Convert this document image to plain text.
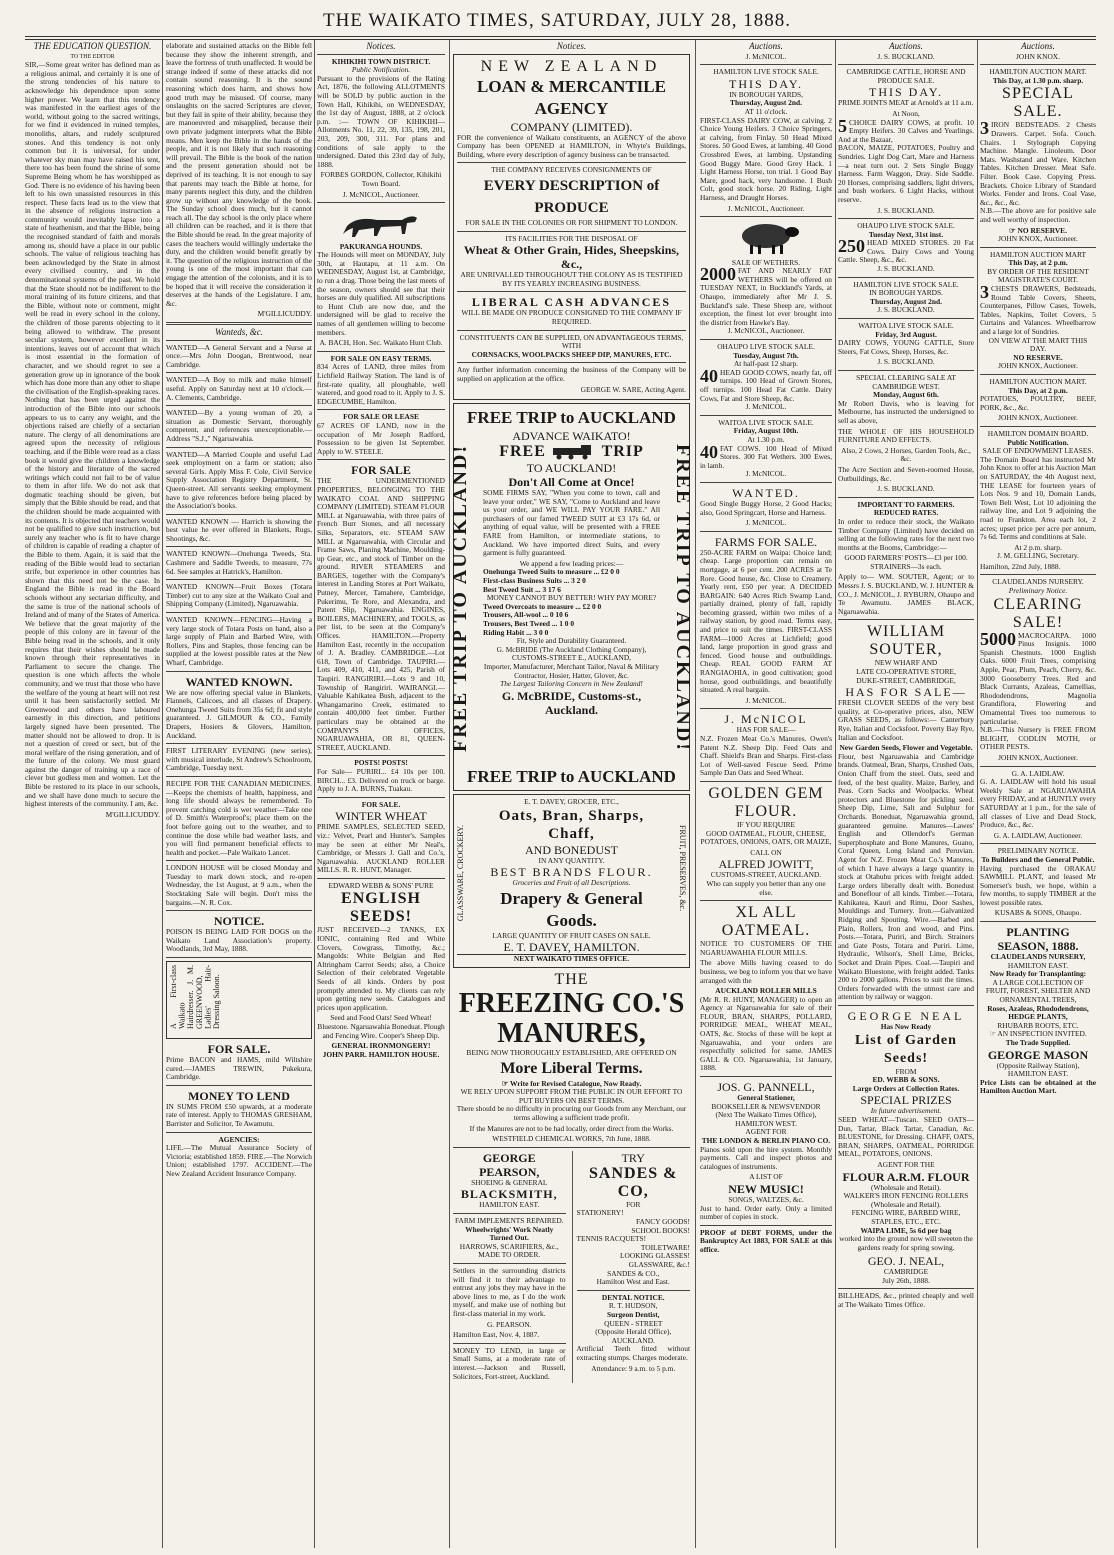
THE WAIKATO TIMES, SATURDAY, JULY 28, 1888.
THE EDUCATION QUESTION.
TO THE EDITOR

SIR,—Some great writer has defined man as a religious animal, and certainly it is one of the strong tendencies of his nature to acknowledge his dependence upon some higher power. We learn that this tendency was manifested in the earliest ages of the world, without going to the sacred writings, for we find it evidenced in ruined temples, monoliths, altars, and rudely sculptured stones. And this tendency is not only common but it is universal, for under whatever sky man may have raised his tent, there too has been found the shrine of some Supreme Being whom he has worshipped as God. There is no evidence of his having been left to his own unassisted resources in this respect. These facts lead us to the view that in the absence of religious instruction a community would inevitably lapse into a state of heathenism, and that the Bible, being the recognised standard of faith and morals among us, should have a place in our public schools. The value of religious teaching has been acknowledged by the State in almost every civilised country, and in the denominational systems of the past. We hold that the State should not be indifferent to the moral training of its future citizens, and that the Bible, without note or comment, might well be read in every school in the colony, the children of those parents objecting to it being allowed to withdraw. The present secular system, however excellent in its intentions, leaves out of account that which is most essential in the formation of character, and we should regret to see a generation grow up in ignorance of the book which has done more than any other to shape the civilisation of the English-speaking races. Nothing that has been urged against the introduction of the Bible into our schools appears to us to carry any weight, and the objections raised are chiefly of a sectarian nature. The clergy of all denominations are agreed upon the necessity of religious teaching, and if the Bible were read as a class book it would give the children a knowledge of the history and literature of the sacred writings which could not fail to be of value to them in after life. We do not ask that dogmatic teaching should be given, but simply that the Bible should be read, and that the children should be made acquainted with its contents. It is objected that teachers would not be qualified to give such instruction, but surely any teacher who is fit to have charge of children is capable of reading a chapter of the Bible to them. Again, it is said that the reading of the Bible would lead to sectarian strife, but experience in other countries has shown that this need not be the case. In England the Bible is read in the Board schools without any sectarian difficulty, and the same is true of the national schools of Ireland and of many of the States of America. We believe that the great majority of the people of this colony are in favour of the Bible being read in the schools, and it only requires that their wishes should be made known through their representatives in Parliament to secure the change. The question is one which affects the whole community, and we trust that those who have the welfare of the young at heart will not rest until it has been satisfactorily settled. Mr Greenwood and others have laboured earnestly in this direction, and petitions largely signed have been presented. The matter should not be allowed to drop. It is not a question of creed or sect, but of the moral welfare of the rising generation, and of the future of the colony. We must guard against the danger of training up a race of clever but godless men and women. Let the Bible be restored to its place in our schools, and we shall have done much to secure the highest interests of the community. I am, &c.

M'GILLICUDDY.

elaborate and sustained attacks on the Bible fell because they show the inherent strength, and leave the fortress of truth unaffected. It would be strange indeed if some of these attacks did not contain sound reasoning. It is the sound reasoning which does harm, and shows how good truth may be misused. Of course, many onslaughts on the sacred Scriptures are clever, but they fail in spite of their ability, because they are manoeuvred and misapplied, because their own private judgment interprets what the Bible means. Men keep the Bible in the hands of the people, and it is not likely that such reasoning will prevail. The Bible is the book of the nation and the present generation should not be deprived of its teaching. It is not enough to say that parents may teach the Bible at home, for many parents neglect this duty, and the children grow up without any knowledge of the book. The Sunday school does much, but it cannot reach all. The day school is the only place where all children can be reached, and it is there that the Bible should be read. In the great majority of cases the teachers would willingly undertake the duty, and the children would benefit greatly by it. The question of the religious instruction of the young is one of the most important that can engage the attention of the colonists, and it is to be hoped that it will receive the consideration it deserves at the hands of the Legislature. I am, &c.

M'GILLICUDDY.

Wanteds, &c.

WANTED—A General Servant and a Nurse at once.—Mrs John Doogan, Brentwood, near Cambridge.

WANTED—A Boy to milk and make himself useful. Apply on Saturday next at 10 o'clock.—A. Clements, Cambridge.

WANTED—By a young woman of 20, a situation as Domestic Servant, thoroughly competent, and references unexceptionable.—Address "S.J.," Ngaruawahia.

WANTED—A Married Couple and useful Lad seek employment on a farm or station; also several Girls. Apply Miss F. Cole, Civil Service Supply Association Registry Department, St. Queen-street. All servants seeking employment have to give references before being placed by the Association's books.

WANTED KNOWN — Harrich is showing the best value he ever offered in Blankets, Rugs, Shootings, &c.

WANTED KNOWN—Onehunga Tweeds, Sta. Cashmere and Saddle Tweeds, to measure, 77s 6d. See samples at Hatrick's, Hamilton.

WANTED KNOWN—Fruit Boxes (Totara Timber) cut to any size at the Waikato Coal and Shipping Company (Limited), Ngaruawahia.

WANTED KNOWN—FENCING—Having a very large stock of Totara Posts on hand, also a large supply of Plain and Barbed Wire, with Rollers, Pins and Staples, those fencing can be supplied at the lowest possible rates at the New Wharf, Cambridge.

WANTED KNOWN.

We are now offering special value in Blankets, Flannels, Calicoes, and all classes of Drapery. Onehunga Tweed Suits from 35s 6d; fit and style guaranteed. J. GILMOUR & CO., Family Drapers, Hosiers & Glovers, Hamilton, Auckland.

FIRST LITERARY EVENING (new series), with musical interlude, St Andrew's Schoolroom, Cambridge, Tuesday next.

RECIPE FOR THE CANADIAN MEDICINES.—Keeps the chemists of health, happiness, and long life should always be remembered. To prevent catching cold is wet weather—Take one of D. Smith's Waterproof's; place them on the foot before going out to the weather, and to continue the dose while bad weather lasts, and you will find permanent beneficial effects to health and pocket.—Pale Waikato Lancet.

LONDON HOUSE will be closed Monday and Tuesday to mark down stock, and re-open Wednesday, the 1st August, at 9 a.m., when the Stocktaking Sale will begin. Don't miss the bargains.—N. R. Cox.

NOTICE.

POISON IS BEING LAID FOR DOGS on the Waikato Land Association's property. Woodlands, 3rd May, 1888.

A First-class Waikato Hairdresser. J. M. GREENWOOD, Ladies' Hair-Dressing Saloon.
FOR SALE.

Prime BACON and HAMS, mild Wiltshire cured.—JAMES TREWIN, Pukekura, Cambridge.

MONEY TO LEND

IN SUMS FROM £50 upwards, at a moderate rate of interest. Apply to THOMAS GRESHAM, Barrister and Solicitor, Te Awamutu.

AGENCIES:

LIFE.—The Mutual Assurance Society of Victoria; established 1859. FIRE.—The Norwich Union; established 1797. ACCIDENT.—The New Zealand Accident Insurance Company.

Notices.
KIHIKIHI TOWN DISTRICT.
Public Notification.

Pursuant to the provisions of the Rating Act, 1876, the following ALLOTMENTS will be SOLD by public auction in the Town Hall, Kihikihi, on WEDNESDAY, the 1st day of August, 1888, at 2 o'clock p.m. :— TOWN OF KIHIKIHI—Allotments No. 11, 22, 39, 135, 198, 201, 203, 209, 300, 311. For plans and conditions of sale apply to the undersigned. Dated this 23rd day of July, 1888.

FORBES GORDON, Collector, Kihikihi Town Board.

J. McNICOL, Auctioneer.

PAKURANGA HOUNDS.

The Hounds will meet on MONDAY, July 30th, at Hautapu, at 11 a.m. On WEDNESDAY, August 1st, at Cambridge, to run a drag. Those being the last meets of the season, owners should see that their horses are duly qualified. All subscriptions to Hunt Club are now due, and the undersigned will be glad to receive the names of all gentlemen willing to become members.

A. BACH, Hon. Sec. Waikato Hunt Club.

FOR SALE ON EASY TERMS.

834 Acres of LAND, three miles from Lichfield Railway Station. The land is of first-rate quality, all ploughable, well watered, and good road to it. Apply to J. S. EDGECUMBE, Hamilton.

FOR SALE OR LEASE

67 ACRES OF LAND, now in the occupation of Mr Joseph Radford, Possession to be given 1st September. Apply to W. STEELE.

FOR SALE

THE UNDERMENTIONED PROPERTIES, BELONGING TO THE WAIKATO COAL AND SHIPPING COMPANY (LIMITED). STEAM FLOUR MILL at Ngaruawahia, with three pairs of French Burr Stones, and all necessary Silks, Separators, etc. STEAM SAW MILL at Ngaruawahia, with Circular and Frame Saws, Planing Machine, Moulding-up Gear, etc., and stock of Timber on the ground. RIVER STEAMERS and BARGES, together with the Company's interest in Landing Stores at Port Waikato, Putney, Mercer, Tamahere, Cambridge, Pukerimu, Te Rore, and Alexandra, and Patent Slip, Ngaruawahia. ENGINES, BOILERS, MACHINERY, and TOOLS, as per list, to be seen at the Company's Offices. HAMILTON.—Property Hamilton East, recently in the occupation of J. A. Bradley. CAMBRIDGE.—Lot 618, Town of Cambridge. TAUPIRI.—Lots 409, 410, 411, and 425, Parish of Taupiri. RANGIRIRI.—Lots 9 and 10, Township of Rangiriri. WAIRANGI.—Valuable Kahikatea Bush, adjacent to the Whangamarino Creek, estimated to contain 400,000 feet timber. Further particulars may be obtained at the COMPANY'S OFFICES, NGARUAWAHIA, OR 81, QUEEN-STREET, AUCKLAND.

POSTS! POSTS!

For Sale— PURIRI... £4 10s per 100. BIRCH... £3. Delivered on truck or barge. Apply to J. A. BURNS, Tuakau.

FOR SALE.
WINTER WHEAT

PRIME SAMPLES, SELECTED SEED, viz.: Velvet, Pearl and Hunter's. Samples may be seen at either Mr Neal's, Cambridge, or Messrs J. Gall and Co.'s, Ngaruawahia. AUCKLAND ROLLER MILLS. R. R. HUNT, Manager.

EDWARD WEBB & SONS' PURE
ENGLISH SEEDS!

JUST RECEIVED—2 TANKS, EX IONIC, containing Red and White Clovers, Cowgrass, Timothy, &c.; Mangolds: White Belgian and Red Altringham Carrot Seeds; also, a Choice Selection of their celebrated Vegetable Seeds of all kinds. Orders by post promptly attended to. My clients can rely upon getting new seeds. Catalogues and prices upon application.

Seed and Food Oats! Seed Wheat! Bluestone. Ngaruawahia Boneduat. Plough and Fencing Wire. Cooper's Sheep Dip.

GENERAL IRONMONGERY!
JOHN PARR. HAMILTON HOUSE.
Notices.
NEW ZEALAND
LOAN & MERCANTILE AGENCY
COMPANY (LIMITED).

FOR the convenience of Waikato constituents, an AGENCY of the above Company has been OPENED at HAMILTON, in Whyte's Buildings, Building, where every description of agency business can be transacted.

THE COMPANY RECEIVES CONSIGNMENTS OF
EVERY DESCRIPTION of PRODUCE
FOR SALE IN THE COLONIES OR FOR SHIPMENT TO LONDON.
ITS FACILITIES FOR THE DISPOSAL OF
Wheat & Other Grain, Hides, Sheepskins, &c.,
ARE UNRIVALLED THROUGHOUT THE COLONY AS IS TESTIFIED BY ITS YEARLY INCREASING BUSINESS.
LIBERAL CASH ADVANCES
WILL BE MADE ON PRODUCE CONSIGNED TO THE COMPANY IF REQUIRED.
CONSTITUENTS CAN BE SUPPLIED, ON ADVANTAGEOUS TERMS, WITH
CORNSACKS, WOOLPACKS SHEEP DIP, MANURES, ETC.

Any further information concerning the business of the Company will be supplied on application at the office.

GEORGE W. SARE, Acting Agent.

FREE TRIP to AUCKLAND
FREE TRIP TO AUCKLAND!	FREE TRIP TO AUCKLAND!
ADVANCE WAIKATO!
FREE	TRIP
TO AUCKLAND!
Don't All Come at Once!

SOME FIRMS SAY, "When you come to town, call and leave your order," WE SAY, "Come to Auckland and leave us your order, and WE WILL PAY YOUR FARE." All purchasers of our famed TWEED SUIT at £3 17s 6d, or anything of equal value, will be presented with a FREE FARE from Hamilton, or intermediate stations, to Auckland. We have imported direct Suits, and every garment is fully guaranteed.

We append a few leading prices:—
Onehunga Tweed Suits to measure ... £2 0 0
First-class Business Suits ... 3 2 0
Best Tweed Suit ... 3 17 6
MONEY CANNOT BUY BETTER! WHY PAY MORE?
Tweed Overcoats to measure ... £2 0 0
Trousers, All-wool ... 0 10 6
Trousers, Best Tweed ... 1 0 0
Riding Habit ... 3 0 0
Fit, Style and Durability Guaranteed.
G. McBRIDE (The Auckland Clothing Company), CUSTOMS-STREET E., AUCKLAND,
Importer, Manufacturer, Merchant Tailor, Naval & Military Contractor, Hosier, Hatter, Glover, &c.
The Largest Tailoring Concern in New Zealand!
G. McBRIDE, Customs-st., Auckland.
FREE TRIP to AUCKLAND
E. T. DAVEY, GROCER, ETC.,
GLASSWARE, CROCKERY.	FRUIT, PRESERVES, &c.
Oats, Bran, Sharps, Chaff,
AND BONEDUST
IN ANY QUANTITY.
BEST BRANDS FLOUR.
Groceries and Fruit of all Descriptions.
Drapery & General Goods.
LARGE QUANTITY OF FRUIT CASES ON SALE.
E. T. DAVEY, HAMILTON.
NEXT WAIKATO TIMES OFFICE.
THE
FREEZING CO.'S MANURES,
BEING NOW THOROUGHLY ESTABLISHED, ARE OFFERED ON
More Liberal Terms.
☞ Write for Revised Catalogue, Now Ready.
WE RELY UPON SUPPORT FROM THE PUBLIC IN OUR EFFORT TO PUT BUYERS ON BEST TERMS.

There should be no difficulty in procuring our Goods from any Merchant, our terms allowing a sufficient trade profit.

If the Manures are not to be had locally, order direct from the Works.

WESTFIELD CHEMICAL WORKS, 7th June, 1888.

GEORGE PEARSON,
SHOEING & GENERAL
BLACKSMITH,
HAMILTON EAST.
FARM IMPLEMENTS REPAIRED.
Wheelwrights' Work Neatly Turned Out.
HARROWS, SCARIFIERS, &c., MADE TO ORDER.

Settlers in the surrounding districts will find it to their advantage to entrust any jobs they may have in the above lines to me, as I do the work myself, and make use of nothing but first-class material in my work.

G. PEARSON.

Hamilton East, Nov. 4, 1887.

MONEY TO LEND, in large or Small Sums, at a moderate rate of interest.—Jackson and Russell, Solicitors, Fort-street, Auckland.

TRY
SANDES & CO,
FOR
STATIONERY!
FANCY GOODS!
SCHOOL BOOKS!
TENNIS RACQUETS!
TOILETWARE!
LOOKING GLASSES!
GLASSWARE, &c.!
SANDES & CO.,
Hamilton West and East.
DENTAL NOTICE.
R. T. HUDSON,
Surgeon Dentist,
QUEEN - STREET
(Opposite Herald Office), AUCKLAND.

Artificial Teeth fitted without extracting stumps. Charges moderate.

Attendance: 9 a.m. to 5 p.m.

Auctions.
J. McNICOL.
HAMILTON LIVE STOCK SALE.
THIS DAY.
IN BOROUGH YARDS,
Thursday, August 2nd.
AT 11 o'clock.

FIRST-CLASS DAIRY COW, at calving. 2 Choice Young Heifers. 3 Choice Springers, at calving, from Finlay. 50 Head Mixed Stores. 50 Good Ewes, at lambing. 40 Good Crossbred Ewes, at lambing. Upstanding Good Buggy Mare. Good Grey Hack. 1 Light Harness Horse, ton trial. 1 Good Bay Mare, good hack, very handsome. 1 Bush Colt, good stock horse. 20 Riding, Light Harness, and Draught Horses.

J. McNICOL, Auctioneer.

SALE OF WETHERS.
2000 FAT AND NEARLY FAT WETHERS will be offered on TUESDAY NEXT, in Buckland's Yards, at Ohaupo, immediately after Mr J. S. Buckland's sale. These Sheep are, without exception, the finest lot ever brought into the district from Hawke's Bay.

J. McNICOL, Auctioneer.

OHAUPO LIVE STOCK SALE.
Tuesday, August 7th.
At half-past 12 sharp.
40 HEAD GOOD COWS, nearly fat, off turnips. 100 Head of Grown Stores, off turnips. 100 Head Fat Cattle. Dairy Cows, Fat and Store Sheep, &c.

J. McNICOL.

WAITOA LIVE STOCK SALE.
Friday, August 10th.
At 1.30 p.m.
40 FAT COWS. 100 Head of Mixed Stores. 300 Fat Wethers. 300 Ewes, in lamb.

J. McNICOL.

WANTED.

Good Single Buggy Horse, 2 Good Hacks; also, Good Springcart, Horse and Harness.

J. McNICOL.

FARMS FOR SALE.

250-ACRE FARM on Waipa: Choice land; cheap. Large proportion can remain on mortgage, at 6 per cent. 200 ACRES at Te Rore. Good house, &c. Close to Creamery. Yearly rent, £50 per year. A DECIDED BARGAIN: 640 Acres Rich Swamp Land, partially drained, plenty of fall, rapidly becoming grassed, within two miles of a railway station, by good road. Terms easy, and price to suit the times. FIRST-CLASS FARM—1000 Acres at Lichfield; good land, large proportion in good grass and fenced. Good house and outbuildings. Cheap. REAL GOOD FARM AT RANGIAOHIA, in good cultivation; good house, good outbuildings, and beautifully situated. A real bargain.

J. McNICOL.

J. McNICOL
HAS FOR SALE—

N.Z. Frozen Meat Co.'s Manures. Owen's Patent N.Z. Sheep Dip. Feed Oats and Chaff. Shield's Bran and Sharps. First-class Lot of Well-saved Fescue Seed. Prime Sample Dan Oats and Seed Wheat.

GOLDEN GEM FLOUR.
IF YOU REQUIRE

GOOD OATMEAL, FLOUR, CHEESE, POTATOES, ONIONS, OATS, OR MAIZE,

CALL ON
ALFRED JOWITT,
CUSTOMS-STREET, AUCKLAND.
Who can supply you better than any one else.
XL ALL OATMEAL.

NOTICE TO CUSTOMERS OF THE NGARUAWAHIA FLOUR MILLS.

The above Mills having ceased to do business, we beg to inform you that we have arranged with the

AUCKLAND ROLLER MILLS

(Mr R. R. HUNT, MANAGER) to open an Agency at Ngaruawahia for sale of their FLOUR, BRAN, SHARPS, POLLARD, PORRIDGE MEAL, WHEAT MEAL, OATS, &c. Stocks of these will be kept at Ngaruawahia, and your orders are respectfully solicited for same. JAMES GALL & CO. Ngaruawahia, 1st January, 1888.

JOS. G. PANNELL,
General Stationer,
BOOKSELLER & NEWSVENDOR
(Next The Waikato Times Office),
HAMILTON WEST.
AGENT FOR
THE LONDON & BERLIN PIANO CO.

Pianos sold upon the hire system. Monthly payments. Call and inspect photos and catalogues of instruments.

A LIST OF
NEW MUSIC!
SONGS, WALTZES, &c.

Just to hand. Order early. Only a limited number of copies in stock.

PROOF of DEBT FORMS, under the Bankruptcy Act 1883, FOR SALE at this office.

Auctions.
J. S. BUCKLAND.
CAMBRIDGE CATTLE, HORSE AND PRODUCE SALE.
THIS DAY.

PRIME JOINTS MEAT at Arnold's at 11 a.m.

At Noon,
5 CHOICE DAIRY COWS, at profit. 10 Empty Heifers. 30 Calves and Yearlings. And at the Bazaar,

BACON, MAIZE, POTATOES, Poultry and Sundries. Light Dog Cart, Mare and Harness—a neat turn out. 2 Sets Single Buggy Harness. Farm Waggon, Dray. Side Saddle. 20 Horses, comprising saddlers, light drivers, and bush workers. 6 Light Hacks, without reserve.

J. S. BUCKLAND.

OHAUPO LIVE STOCK SALE.
Tuesday Next, 31st inst.
250 HEAD MIXED STORES. 20 Fat Cows. Dairy Cows and Young Cattle. Sheep, &c., &c.

J. S. BUCKLAND.

HAMILTON LIVE STOCK SALE.
IN BOROUGH YARDS.
Thursday, August 2nd.

J. S. BUCKLAND.

WAITOA LIVE STOCK SALE.
Friday, 3rd August.

DAIRY COWS, YOUNG CATTLE, Store Steers, Fat Cows, Sheep, Horses, &c.

J. S. BUCKLAND.

SPECIAL CLEARING SALE AT CAMBRIDGE WEST.
Monday, August 6th.

Mr Robert Davis, who is leaving for Melbourne, has instructed the undersigned to sell as above,

THE WHOLE OF HIS HOUSEHOLD FURNITURE AND EFFECTS.

Also, 2 Cows, 2 Horses, Garden Tools, &c., &c.

The Acre Section and Seven-roomed House, Outbuildings, &c.

J. S. BUCKLAND.

IMPORTANT TO FARMERS.
REDUCED RATES.

In order to reduce their stock, the Waikato Timber Company (Limited) have decided on selling at the following rates for the next two months at the Booms, Cambridge:—

GOOD FARMERS' POSTS—£3 per 100. STRAINERS—3s each.

Apply to— WM. SOUTER, Agent; or to Messrs J. S. BUCKLAND, W. J. HUNTER & CO., J. McNICOL, J. RYBURN, Ohaupo and Te Awamutu. JAMES BLACK, Ngaruawahia.

WILLIAM SOUTER,
NEW WHARF AND
LATE CO-OPERATIVE STORE,
DUKE-STREET, CAMBRIDGE,
HAS FOR SALE—

FRESH CLOVER SEEDS of the very best quality, at Co-operative prices, also, NEW GRASS SEEDS, as follows:— Canterbury Rye, Italian and Cocksfoot. Poverty Bay Rye, Italian and Cocksfoot.

New Garden Seeds, Flower and Vegetable.

Flour, best Ngaruawahia and Cambridge brands. Oatmeal, Bran, Sharps, Crushed Oats, Onion Chaff from the steel. Oats, seed and feed, of the best quality. Maize, Barley, and Peas. Corn Sacks and Woolpacks. Wheat protectors and Bluestone for pickling seed. Sheep Dip, Lime, Salt and Sulphur for Orchards. Boneduat, Ngaruawahia ground, guaranteed genuine. Manures—Lawes' English and Ollendorf's German Superphosphate and Bone Manures, Guano, Coral Queen, Long Island and Peruvian. Agent for N.Z. Frozen Meat Co.'s Manures, of which I have always a large quantity in stock at Otahuhu prices with freight added. Large orders liberally dealt with. Bonedust and Boneflour of all kinds. Timber.—Totara, Kahikatea, Kauri and Rimu, Door Sashes, Mouldings and Turnery. Iron.—Galvanized Ridging and Spouting. Wire.—Barbed and Plain, Rollers, Iron and wood, and Pins. Posts.—Totara, Puriri, and Birch. Strainers and Gate Posts, Totara and Puriri. Lime, Hydraulic, Wilson's, Shell Lime, Bricks, Socket and Drain Pipes. Coal.—Taupiri and Waikato Bluestone, with freight added. Tanks 200 to 2000 gallons. Prices to suit the times. Orders forwarded with the utmost care and attention by railway or waggon.

GEORGE NEAL
Has Now Ready
List of Garden Seeds!
FROM
ED. WEBB & SONS.
Large Orders at Collection Rates.
SPECIAL PRIZES
In future advertisement.

SEED WHEAT—Tuscan. SEED OATS—Dun, Tartar, Black Tartar, Canadian, &c. BLUESTONE, for Dressing. CHAFF, OATS, BRAN, SHARPS, OATMEAL, PORRIDGE MEAL, POTATOES, ONIONS.

AGENT FOR THE
FLOUR A.R.M. FLOUR
(Wholesale and Retail).
WALKER'S IRON FENCING ROLLERS
(Wholesale and Retail).
FENCING WIRE, BARBED WIRE, STAPLES, ETC., ETC.
WAIPA LIME, 5s 6d per bag

worked into the ground now will sweeten the gardens ready for spring sowing.

GEO. J. NEAL,
CAMBRIDGE
July 26th, 1888.

BILLHEADS, &c., printed cheaply and well at The Waikato Times Office.

Auctions.
JOHN KNOX.
HAMILTON AUCTION MART.
This Day, at 1.30 p.m. sharp.
SPECIAL SALE.
3 IRON BEDSTEADS. 2 Chests Drawers. Carpet. Sofa. Couch. Chairs. 1 Stylograph Copying Machine. Mangle. Linoleum. Door Mats. Washstand and Ware. Kitchen Tables. Kitchen Dresser. Meat Safe. Filter. Book Case. Copying Press. Brackets. Choice Library of Standard Works. Fender and Irons. Coal Vase, &c., &c., &c.

N.B.—The above are for positive sale and well worthy of inspection.

☞ NO RESERVE.

JOHN KNOX, Auctioneer.

HAMILTON AUCTION MART
This Day, at 2 p.m.
BY ORDER OF THE RESIDENT MAGISTRATE'S COURT.
3 CHESTS DRAWERS, Bedsteads, Round Table Covers, Sheets, Counterpanes, Pillow Cases, Towels, Tables, Napkins, Toilet Covers, 5 Curtains and Valances. Wheelbarrow and a large lot of Sundries.
ON VIEW AT THE MART THIS DAY.
NO RESERVE.

JOHN KNOX, Auctioneer.

HAMILTON AUCTION MART.
This Day, at 2 p.m.

POTATOES, POULTRY, BEEF, PORK, &c., &c.

JOHN KNOX, Auctioneer.

HAMILTON DOMAIN BOARD.
Public Notification.
SALE OF ENDOWMENT LEASES.

The Domain Board has instructed Mr John Knox to offer at his Auction Mart on SATURDAY, the 4th August next, THE LEASE for fourteen years of Lots Nos. 9 and 10, Domain Lands, Town Belt West, Lot 10 adjoining the railway line, and Lot 9 adjoining the road to Frankton. Area each lot, 2 acres; upset price per acre per annum, 7s 6d. Terms and conditions at Sale.

At 2 p.m. sharp.

J. M. GELLING, Secretary.

Hamilton, 22nd July, 1888.

CLAUDELANDS NURSERY.
Preliminary Notice.
CLEARING SALE!
5000 MACROCARPA. 1000 Pinus Insignis. 1000 Spanish Chestnuts. 1000 English Oaks. 6000 Fruit Trees, comprising Apple, Pear, Plum, Peach, Cherry, &c. 3000 Gooseberry Trees. Red and Black Currants, Azaleas, Camellias, Rhododendrons, Magnolia Grandiflora, Flowering and Ornamental Trees too numerous to particularise.

N.B.—This Nursery is FREE FROM BLIGHT, CODLIN MOTH, or OTHER PESTS.

JOHN KNOX, Auctioneer.

G. A. LAIDLAW.

G. A. LAIDLAW will hold his usual Weekly Sale at NGARUAWAHIA every FRIDAY, and at HUNTLY every SATURDAY at 1 p.m., for the sale of all classes of Live and Dead Stock, Produce, &c., &c.

G. A. LAIDLAW, Auctioneer.

PRELIMINARY NOTICE.
To Builders and the General Public.

Having purchased the ORAKAU SAWMILL PLANT, and leased Mr Somerset's bush, we hope, within a few months, to supply TIMBER at the lowest possible rates.

KUSABS & SONS, Ohaupo.

PLANTING SEASON, 1888.
CLAUDELANDS NURSERY,
HAMILTON EAST.
Now Ready for Transplanting:
A LARGE COLLECTION OF
FRUIT, FOREST, SHELTER AND ORNAMENTAL TREES,
Roses, Azaleas, Rhododendrons, HEDGE PLANTS,
RHUBARB ROOTS, ETC.
☞ AN INSPECTION INVITED.
The Trade Supplied.
GEORGE MASON
(Opposite Railway Station), HAMILTON EAST.

Price Lists can be obtained at the Hamilton Auction Mart.
